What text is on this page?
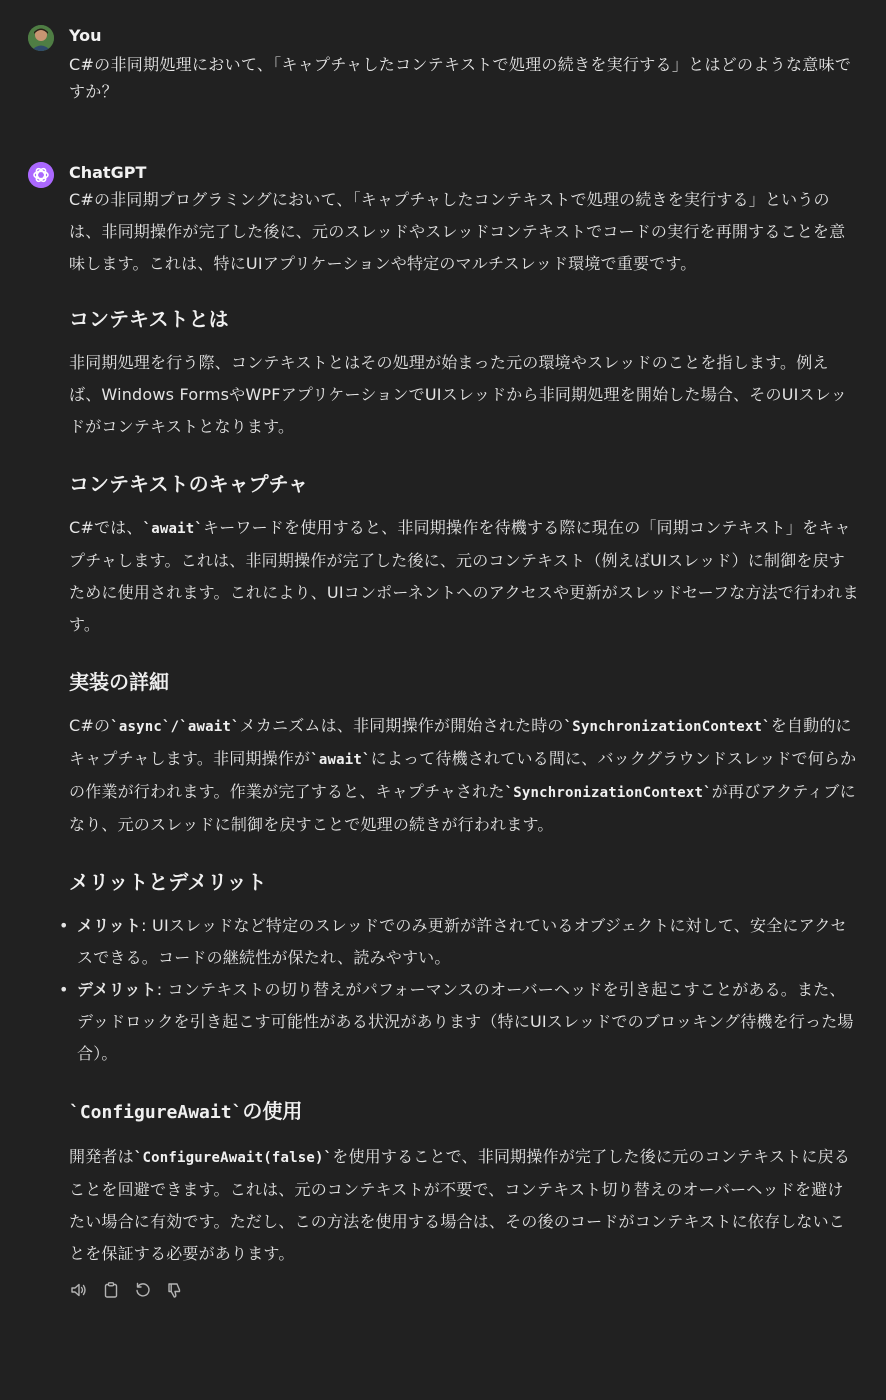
You
C#の非同期処理において、「キャプチャしたコンテキストで処理の続きを実行する」とはどのような意味ですか？
ChatGPT

C#の非同期プログラミングにおいて、「キャプチャしたコンテキストで処理の続きを実行する」というのは、非同期操作が完了した後に、元のスレッドやスレッドコンテキストでコードの実行を再開することを意味します。これは、特にUIアプリケーションや特定のマルチスレッド環境で重要です。

コンテキストとは

非同期処理を行う際、コンテキストとはその処理が始まった元の環境やスレッドのことを指します。例えば、Windows FormsやWPFアプリケーションでUIスレッドから非同期処理を開始した場合、そのUIスレッドがコンテキストとなります。

コンテキストのキャプチャ

C#では、`await`キーワードを使用すると、非同期操作を待機する際に現在の「同期コンテキスト」をキャプチャします。これは、非同期操作が完了した後に、元のコンテキスト（例えばUIスレッド）に制御を戻すために使用されます。これにより、UIコンポーネントへのアクセスや更新がスレッドセーフな方法で行われます。

実装の詳細

C#の`async`/`await`メカニズムは、非同期操作が開始された時の`SynchronizationContext`を自動的にキャプチャします。非同期操作が`await`によって待機されている間に、バックグラウンドスレッドで何らかの作業が行われます。作業が完了すると、キャプチャされた`SynchronizationContext`が再びアクティブになり、元のスレッドに制御を戻すことで処理の続きが行われます。

メリットとデメリット
• メリット: UIスレッドなど特定のスレッドでのみ更新が許されているオブジェクトに対して、安全にアクセスできる。コードの継続性が保たれ、読みやすい。
• デメリット: コンテキストの切り替えがパフォーマンスのオーバーヘッドを引き起こすことがある。また、デッドロックを引き起こす可能性がある状況があります（特にUIスレッドでのブロッキング待機を行った場合）。
`ConfigureAwait`の使用

開発者は`ConfigureAwait(false)`を使用することで、非同期操作が完了した後に元のコンテキストに戻ることを回避できます。これは、元のコンテキストが不要で、コンテキスト切り替えのオーバーヘッドを避けたい場合に有効です。ただし、この方法を使用する場合は、その後のコードがコンテキストに依存しないことを保証する必要があります。
